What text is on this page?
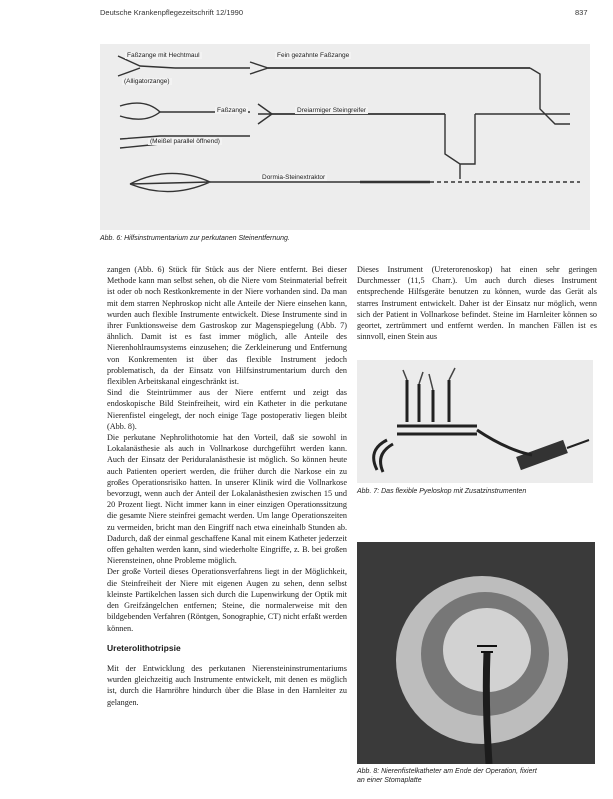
Deutsche Krankenpflegezeitschrift 12/1990	837
Faßzange mit Hechtmaul
(Alligatorzange)
Fein gezahnte Faßzange
Faßzange	Dreiarmiger Steingreifer
(Meißel parallel öffnend)
Dormia-Steinextraktor
Abb. 6: Hilfsinstrumentarium zur perkutanen Steinentfernung.

zangen (Abb. 6) Stück für Stück aus der Niere entfernt. Bei dieser Methode kann man selbst sehen, ob die Niere vom Steinmaterial befreit ist oder ob noch Restkonkremente in der Niere vorhanden sind. Da man mit dem starren Nephroskop nicht alle Anteile der Niere einsehen kann, wurden auch flexible Instrumente entwickelt. Diese Instrumente sind in ihrer Funktionsweise dem Gastroskop zur Magenspiegelung (Abb. 7) ähnlich. Damit ist es fast immer möglich, alle Anteile des Nierenhohlraumsystems einzusehen; die Zerkleinerung und Entfernung von Konkrementen ist über das flexible Instrument jedoch problematisch, da der Einsatz von Hilfsinstrumentarium durch den flexiblen Arbeitskanal eingeschränkt ist.

Sind die Steintrümmer aus der Niere entfernt und zeigt das endoskopische Bild Steinfreiheit, wird ein Katheter in die perkutane Nierenfistel eingelegt, der noch einige Tage postoperativ liegen bleibt (Abb. 8).

Die perkutane Nephrolithotomie hat den Vorteil, daß sie sowohl in Lokalanästhesie als auch in Vollnarkose durchgeführt werden kann. Auch der Einsatz der Periduralanästhesie ist möglich. So können heute auch Patienten operiert werden, die früher durch die Narkose ein zu großes Operationsrisiko hatten. In unserer Klinik wird die Vollnarkose bevorzugt, wenn auch der Anteil der Lokalanästhesien zwischen 15 und 20 Prozent liegt. Nicht immer kann in einer einzigen Operationssitzung die gesamte Niere steinfrei gemacht werden. Um lange Operationszeiten zu vermeiden, bricht man den Eingriff nach etwa eineinhalb Stunden ab. Dadurch, daß der einmal geschaffene Kanal mit einem Katheter jederzeit offen gehalten werden kann, sind wiederholte Eingriffe, z. B. bei großen Nierensteinen, ohne Probleme möglich.

Der große Vorteil dieses Operationsverfahrens liegt in der Möglichkeit, die Steinfreiheit der Niere mit eigenen Augen zu sehen, denn selbst kleinste Partikelchen lassen sich durch die Lupenwirkung der Optik mit den Greifzängelchen entfernen; Steine, die normalerweise mit den bildgebenden Verfahren (Röntgen, Sonographie, CT) nicht erfaßt werden können.

Ureterolithotripsie

Mit der Entwicklung des perkutanen Nierensteininstrumentariums wurden gleichzeitig auch Instrumente entwickelt, mit denen es möglich ist, durch die Harnröhre hindurch über die Blase in den Harnleiter zu gelangen.

Dieses Instrument (Ureterorenoskop) hat einen sehr geringen Durchmesser (11,5 Charr.). Um auch durch dieses Instrument entsprechende Hilfsgeräte benutzen zu können, wurde das Gerät als starres Instrument entwickelt. Daher ist der Einsatz nur möglich, wenn sich der Patient in Vollnarkose befindet. Steine im Harnleiter können so geortet, zertrümmert und entfernt werden. In manchen Fällen ist es sinnvoll, einen Stein aus

Abb. 7: Das flexible Pyeloskop mit Zusatzinstrumenten
Abb. 8: Nierenfistelkatheter am Ende der Operation, fixiert
an einer Stomaplatte
